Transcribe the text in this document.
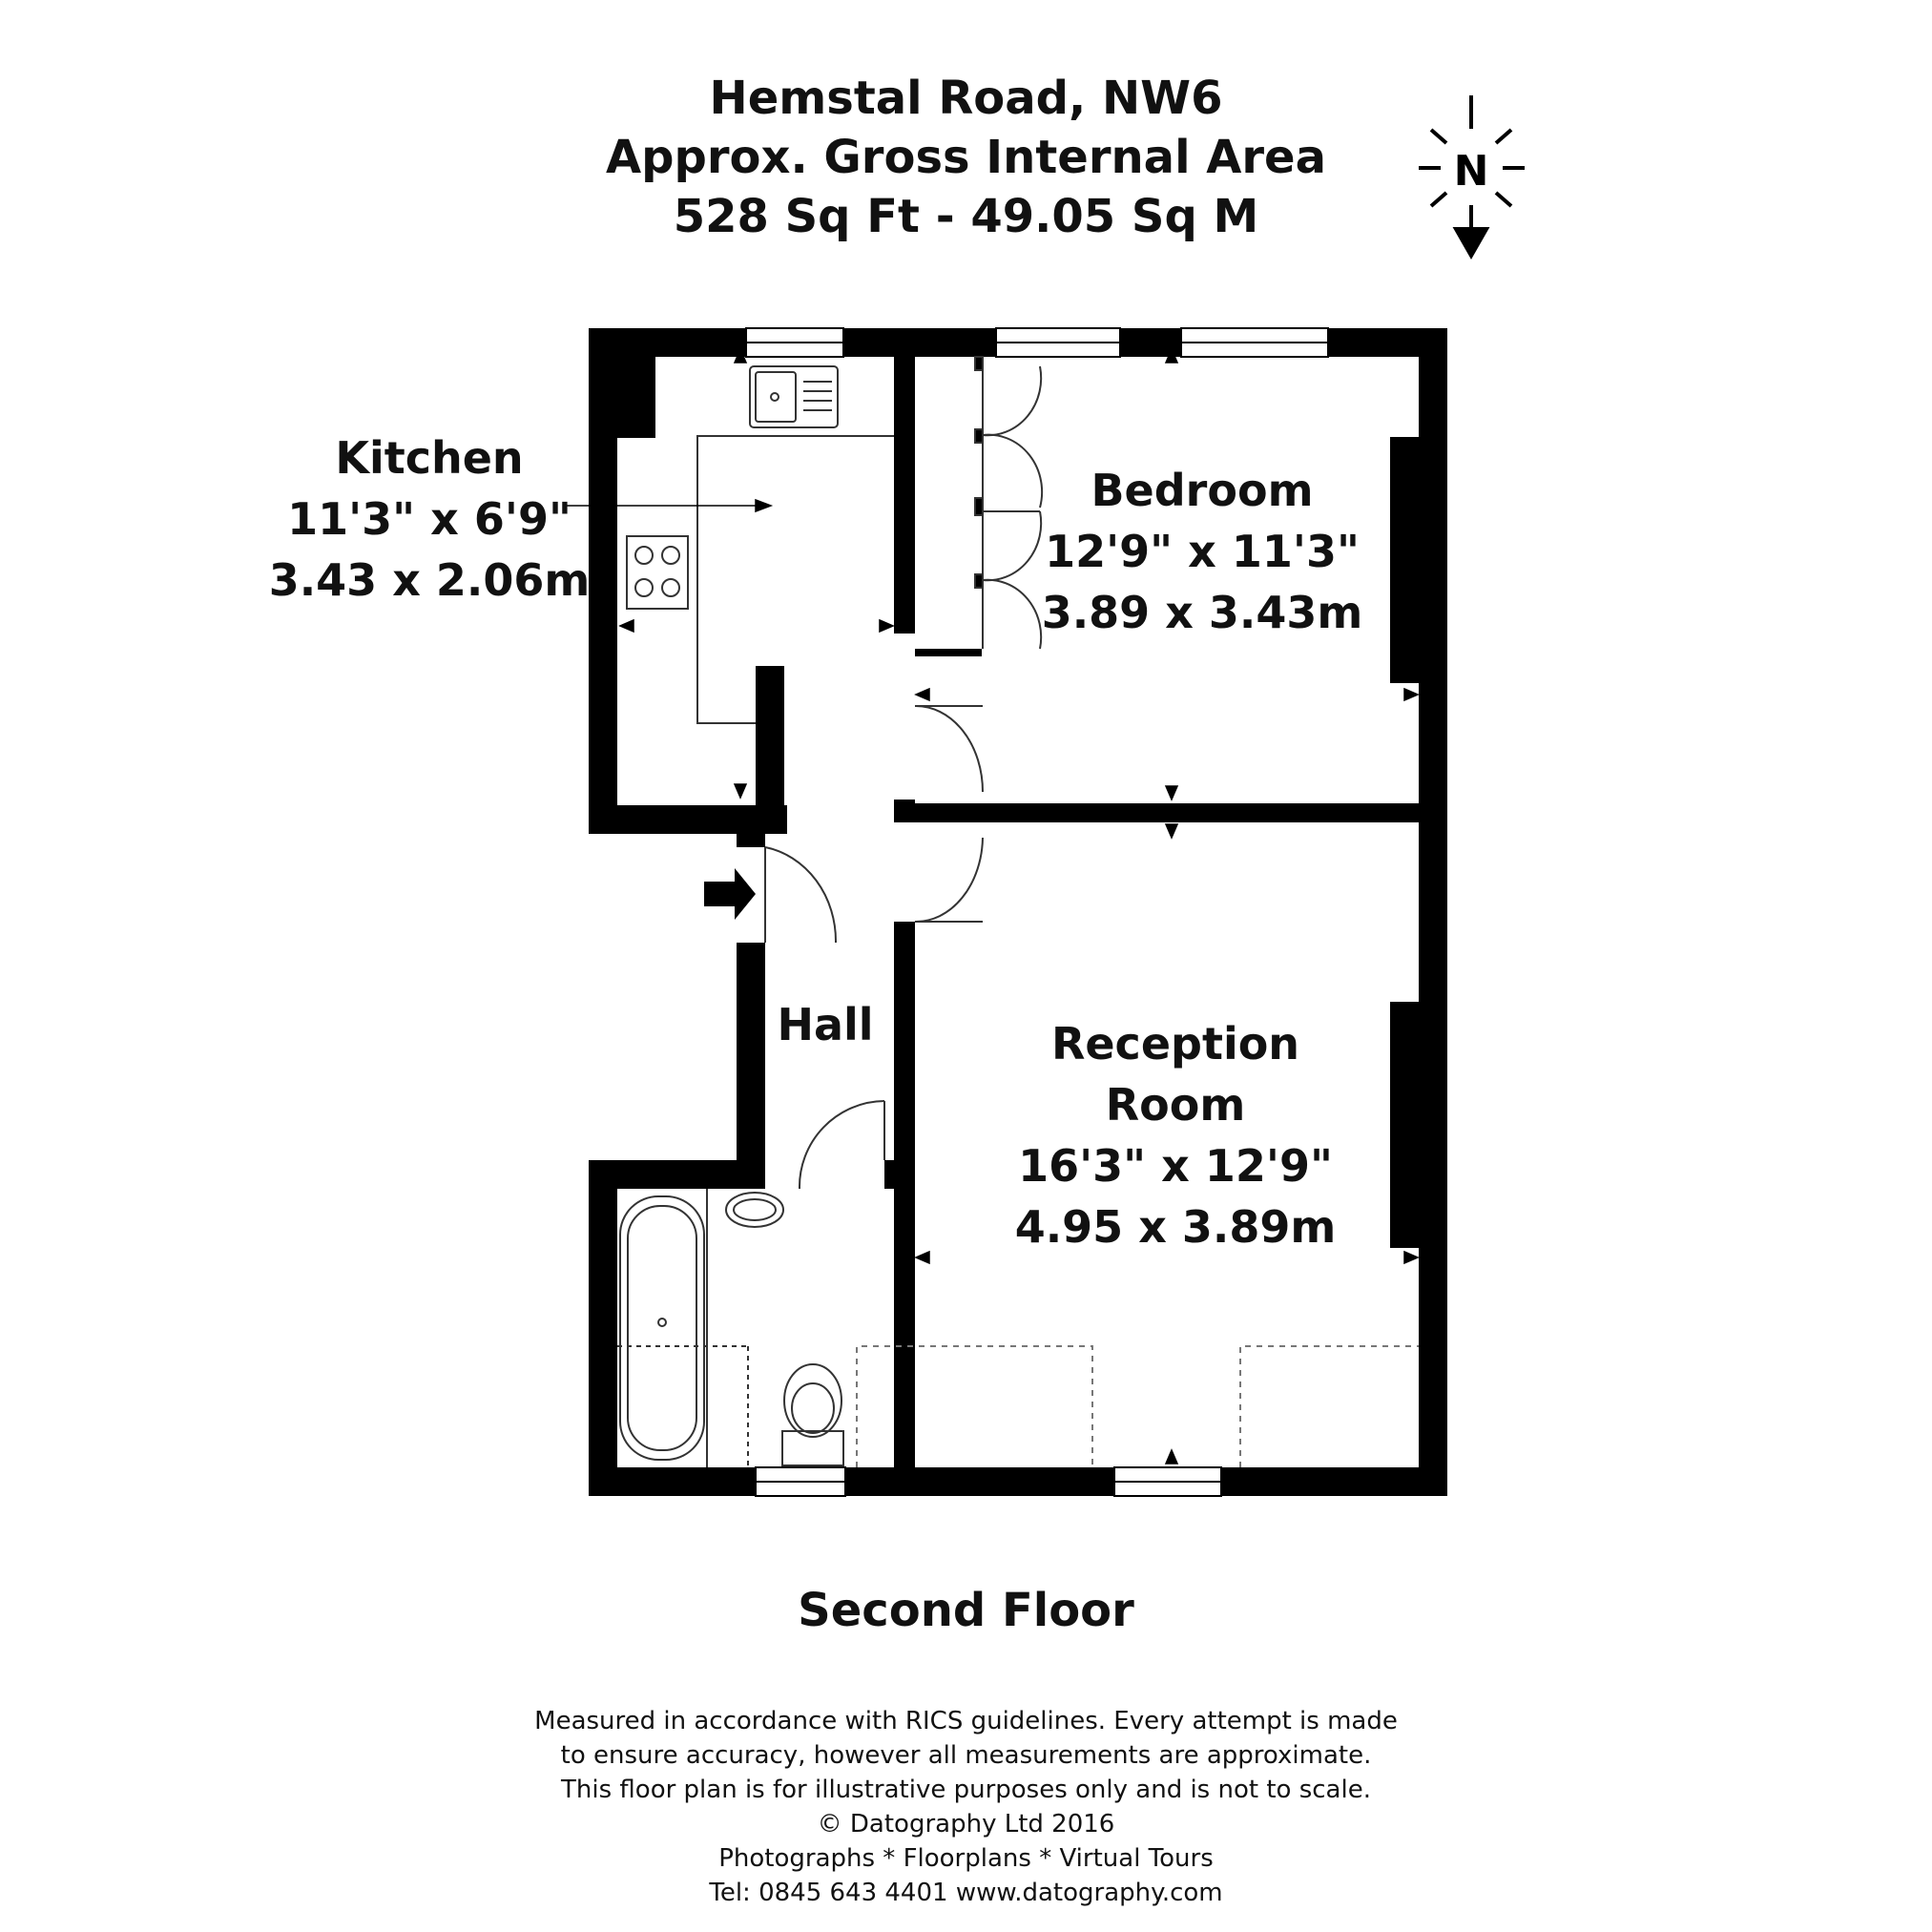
Hemstal Road, NW6
Approx. Gross Internal Area
528 Sq Ft - 49.05 Sq M
N
Kitchen
11'3" x 6'9"
3.43 x 2.06m
Bedroom
12'9" x 11'3"
3.89 x 3.43m
Hall	Reception
Room
16'3" x 12'9"
4.95 x 3.89m
Second Floor
Measured in accordance with RICS guidelines. Every attempt is made
to ensure accuracy, however all measurements are approximate.
This floor plan is for illustrative purposes only and is not to scale.
© Datography Ltd 2016
Photographs * Floorplans * Virtual Tours
Tel: 0845 643 4401 www.datography.com
